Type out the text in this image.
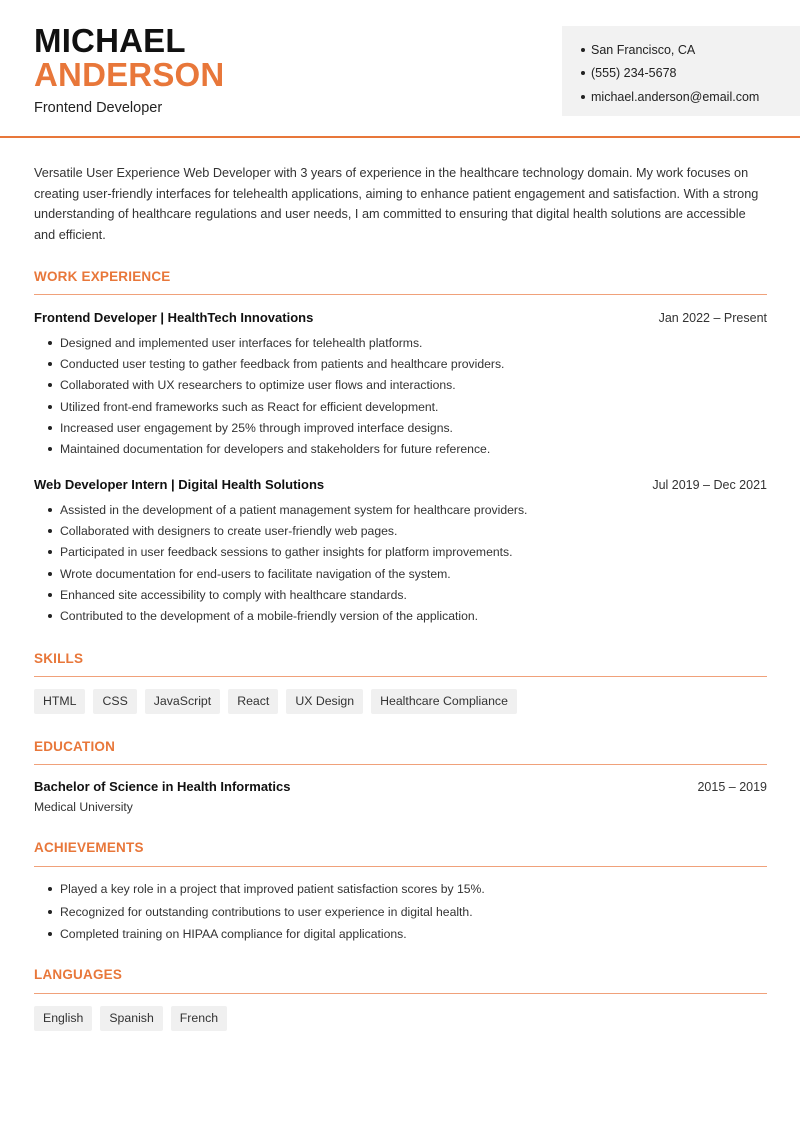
MICHAEL
ANDERSON
Frontend Developer
San Francisco, CA
(555) 234-5678
michael.anderson@email.com

Versatile User Experience Web Developer with 3 years of experience in the healthcare technology domain. My work focuses on creating user-friendly interfaces for telehealth applications, aiming to enhance patient engagement and satisfaction. With a strong understanding of healthcare regulations and user needs, I am committed to ensuring that digital health solutions are accessible and efficient.

WORK EXPERIENCE
Frontend Developer | HealthTech Innovations	Jan 2022 – Present
Designed and implemented user interfaces for telehealth platforms.
Conducted user testing to gather feedback from patients and healthcare providers.
Collaborated with UX researchers to optimize user flows and interactions.
Utilized front-end frameworks such as React for efficient development.
Increased user engagement by 25% through improved interface designs.
Maintained documentation for developers and stakeholders for future reference.
Web Developer Intern | Digital Health Solutions	Jul 2019 – Dec 2021
Assisted in the development of a patient management system for healthcare providers.
Collaborated with designers to create user-friendly web pages.
Participated in user feedback sessions to gather insights for platform improvements.
Wrote documentation for end-users to facilitate navigation of the system.
Enhanced site accessibility to comply with healthcare standards.
Contributed to the development of a mobile-friendly version of the application.
SKILLS
HTML	CSS	JavaScript	React	UX Design	Healthcare Compliance
EDUCATION
Bachelor of Science in Health Informatics	2015 – 2019
Medical University
ACHIEVEMENTS
Played a key role in a project that improved patient satisfaction scores by 15%.
Recognized for outstanding contributions to user experience in digital health.
Completed training on HIPAA compliance for digital applications.
LANGUAGES
English	Spanish	French
